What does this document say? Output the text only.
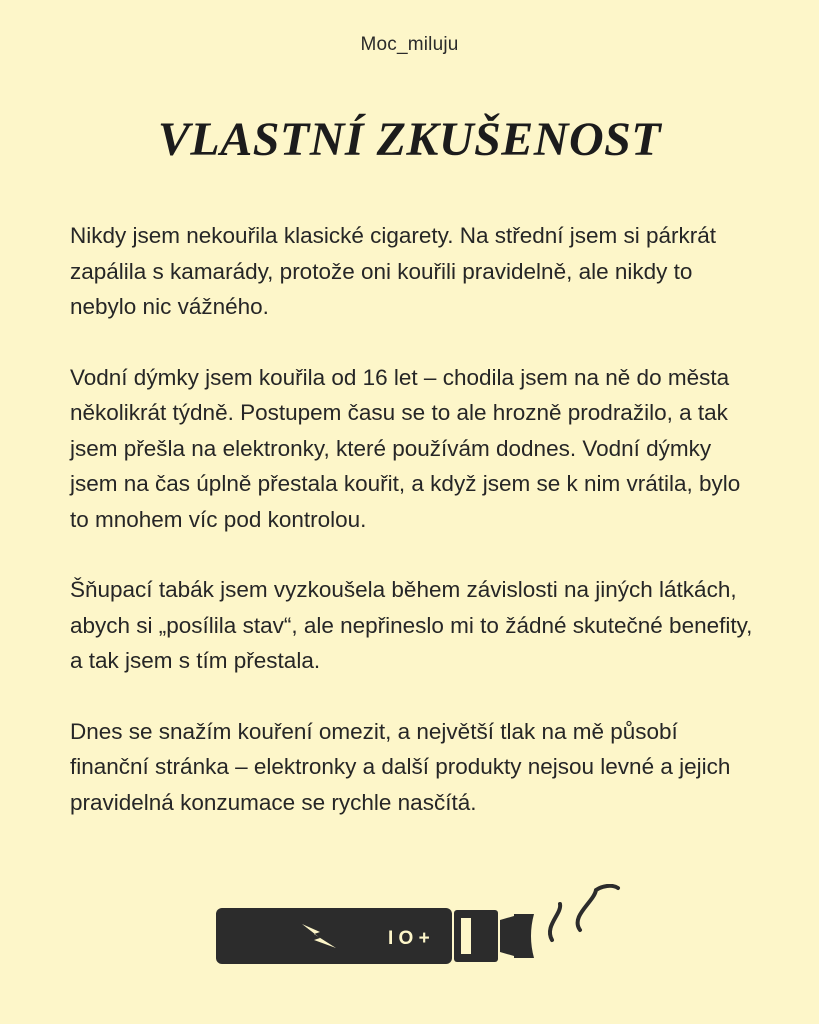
Moc_miluju
VLASTNÍ ZKUŠENOST

Nikdy jsem nekouřila klasické cigarety. Na střední jsem si párkrát zapálila s kamarády, protože oni kouřili pravidelně, ale nikdy to nebylo nic vážného.

Vodní dýmky jsem kouřila od 16 let – chodila jsem na ně do města několikrát týdně. Postupem času se to ale hrozně prodražilo, a tak jsem přešla na elektronky, které používám dodnes. Vodní dýmky jsem na čas úplně přestala kouřit, a když jsem se k nim vrátila, bylo to mnohem víc pod kontrolou.

Šňupací tabák jsem vyzkoušela během závislosti na jiných látkách, abych si „posílila stav“, ale nepřineslo mi to žádné skutečné benefity, a tak jsem s tím přestala.

Dnes se snažím kouření omezit, a největší tlak na mě působí finanční stránka – elektronky a další produkty nejsou levné a jejich pravidelná konzumace se rychle nasčítá.

I O +
